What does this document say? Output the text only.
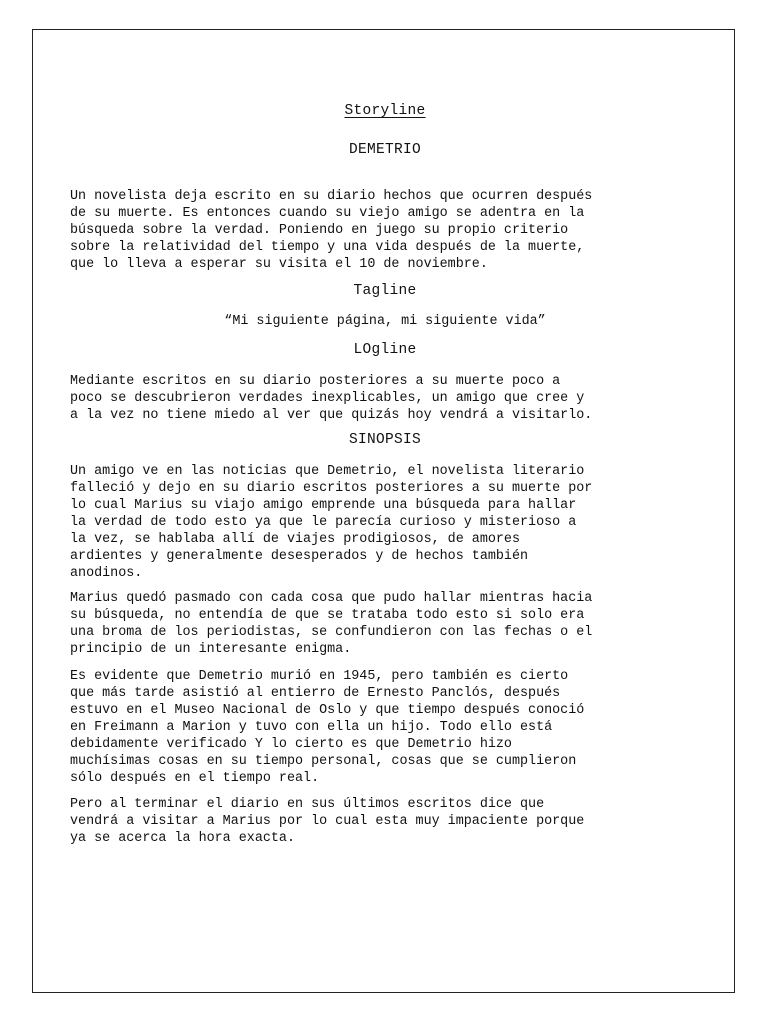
Storyline
DEMETRIO

Un novelista deja escrito en su diario hechos que ocurren después
de su muerte. Es entonces cuando su viejo amigo se adentra en la
búsqueda sobre la verdad. Poniendo en juego su propio criterio
sobre la relatividad del tiempo y una vida después de la muerte,
que lo lleva a esperar su visita el 10 de noviembre.

Tagline

“Mi siguiente página, mi siguiente vida”

LOgline

Mediante escritos en su diario posteriores a su muerte poco a
poco se descubrieron verdades inexplicables, un amigo que cree y
a la vez no tiene miedo al ver que quizás hoy vendrá a visitarlo.

SINOPSIS

Un amigo ve en las noticias que Demetrio, el novelista literario
falleció y dejo en su diario escritos posteriores a su muerte por
lo cual Marius su viajo amigo emprende una búsqueda para hallar
la verdad de todo esto ya que le parecía curioso y misterioso a
la vez, se hablaba allí de viajes prodigiosos, de amores
ardientes y generalmente desesperados y de hechos también
anodinos.

Marius quedó pasmado con cada cosa que pudo hallar mientras hacia
su búsqueda, no entendía de que se trataba todo esto si solo era
una broma de los periodistas, se confundieron con las fechas o el
principio de un interesante enigma.

Es evidente que Demetrio murió en 1945, pero también es cierto
que más tarde asistió al entierro de Ernesto Panclós, después
estuvo en el Museo Nacional de Oslo y que tiempo después conoció
en Freimann a Marion y tuvo con ella un hijo. Todo ello está
debidamente verificado Y lo cierto es que Demetrio hizo
muchísimas cosas en su tiempo personal, cosas que se cumplieron
sólo después en el tiempo real.

Pero al terminar el diario en sus últimos escritos dice que
vendrá a visitar a Marius por lo cual esta muy impaciente porque
ya se acerca la hora exacta.
